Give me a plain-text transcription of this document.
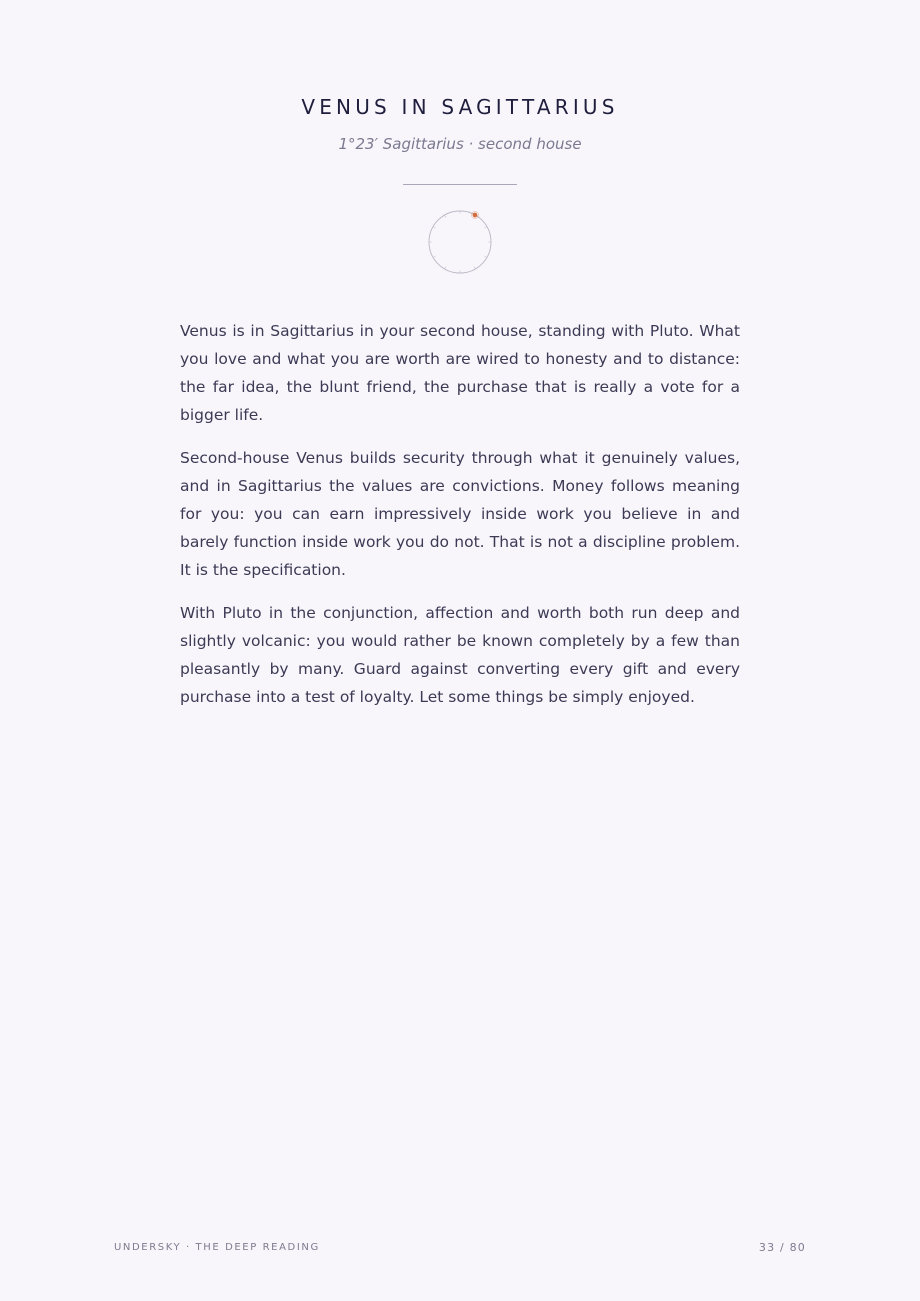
VENUS IN SAGITTARIUS
1°23′ Sagittarius · second house

Venus is in Sagittarius in your second house, standing with Pluto. What you love and what you are worth are wired to honesty and to distance: the far idea, the blunt friend, the purchase that is really a vote for a bigger life.

Second-house Venus builds security through what it genuinely values, and in Sagittarius the values are convictions. Money follows meaning for you: you can earn impressively inside work you believe in and barely function inside work you do not. That is not a discipline problem. It is the specification.

With Pluto in the conjunction, affection and worth both run deep and slightly volcanic: you would rather be known completely by a few than pleasantly by many. Guard against converting every gift and every purchase into a test of loyalty. Let some things be simply enjoyed.

UNDERSKY · THE DEEP READING	33 / 80
